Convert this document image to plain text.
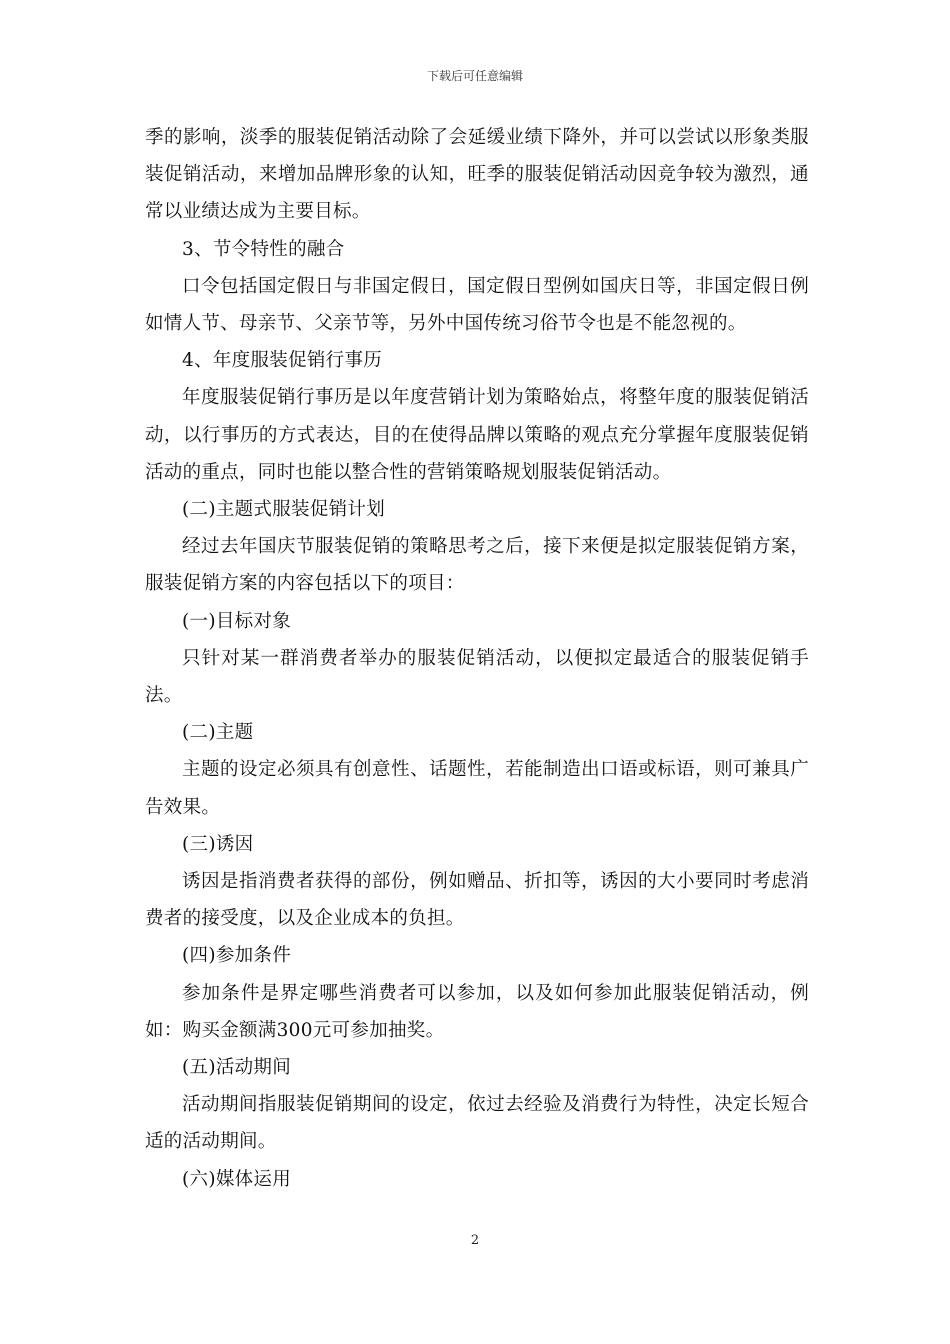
下载后可任意编辑

季的影响，淡季的服装促销活动除了会延缓业绩下降外，并可以尝试以形象类服装促销活动，来增加品牌形象的认知，旺季的服装促销活动因竞争较为激烈，通常以业绩达成为主要目标。

3、节令特性的融合

口令包括国定假日与非国定假日，国定假日型例如国庆日等，非国定假日例如情人节、母亲节、父亲节等，另外中国传统习俗节令也是不能忽视的。

4、年度服装促销行事历

年度服装促销行事历是以年度营销计划为策略始点，将整年度的服装促销活动，以行事历的方式表达，目的在使得品牌以策略的观点充分掌握年度服装促销活动的重点，同时也能以整合性的营销策略规划服装促销活动。

(二)主题式服装促销计划

经过去年国庆节服装促销的策略思考之后，接下来便是拟定服装促销方案，服装促销方案的内容包括以下的项目：

(一)目标对象

只针对某一群消费者举办的服装促销活动，以便拟定最适合的服装促销手法。

(二)主题

主题的设定必须具有创意性、话题性，若能制造出口语或标语，则可兼具广告效果。

(三)诱因

诱因是指消费者获得的部份，例如赠品、折扣等，诱因的大小要同时考虑消费者的接受度，以及企业成本的负担。

(四)参加条件

参加条件是界定哪些消费者可以参加，以及如何参加此服装促销活动，例如：购买金额满300元可参加抽奖。

(五)活动期间

活动期间指服装促销期间的设定，依过去经验及消费行为特性，决定长短合适的活动期间。

(六)媒体运用

2
